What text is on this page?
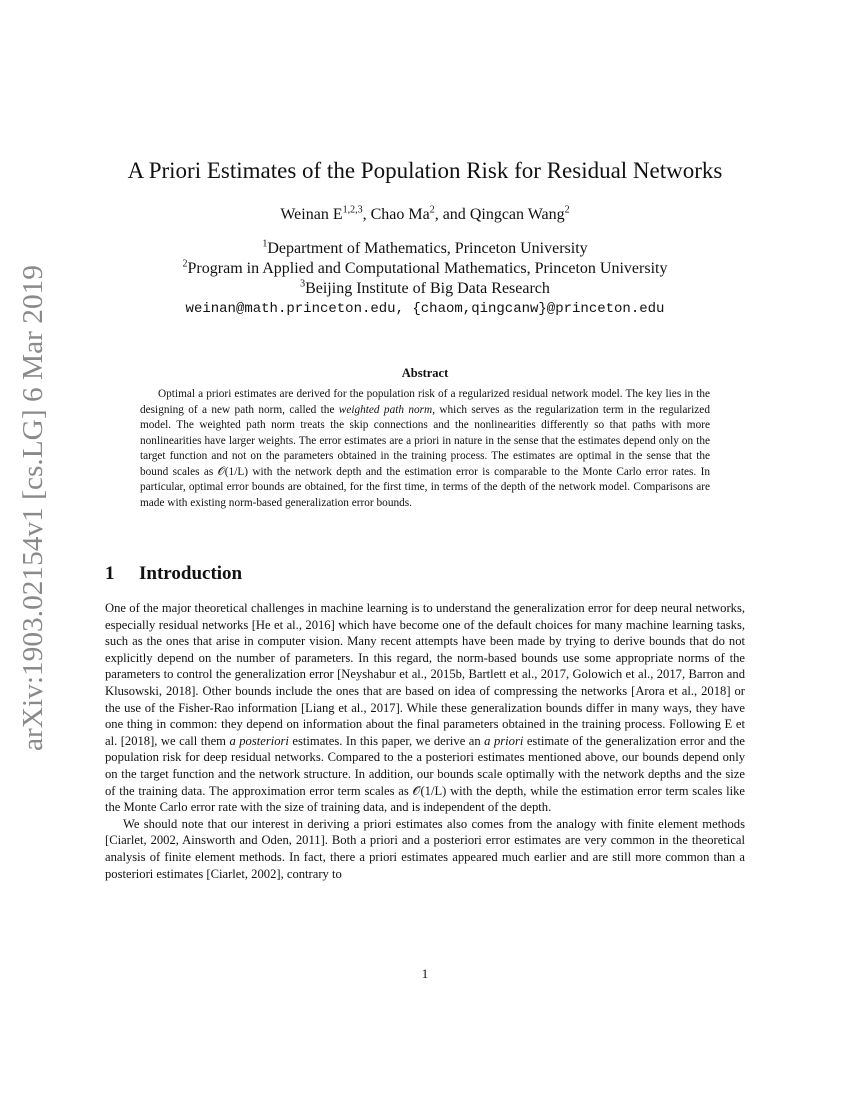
arXiv:1903.02154v1 [cs.LG] 6 Mar 2019
A Priori Estimates of the Population Risk for Residual Networks
Weinan E$^{1,2,3}$, Chao Ma$^2$, and Qingcan Wang$^2$
$^1$Department of Mathematics, Princeton University
$^2$Program in Applied and Computational Mathematics, Princeton University
$^3$Beijing Institute of Big Data Research
weinan@math.princeton.edu, {chaom,qingcanw}@princeton.edu
Abstract
Optimal a priori estimates are derived for the population risk of a regularized residual network model. The key lies in the designing of a new path norm, called the weighted path norm, which serves as the regularization term in the regularized model. The weighted path norm treats the skip connections and the nonlinearities differently so that paths with more nonlinearities have larger weights. The error estimates are a priori in nature in the sense that the estimates depend only on the target function and not on the parameters obtained in the training process. The estimates are optimal in the sense that the bound scales as 𝒪(1/L) with the network depth and the estimation error is comparable to the Monte Carlo error rates. In particular, optimal error bounds are obtained, for the first time, in terms of the depth of the network model. Comparisons are made with existing norm-based generalization error bounds.
1 Introduction

One of the major theoretical challenges in machine learning is to understand the generalization error for deep neural networks, especially residual networks [He et al., 2016] which have become one of the default choices for many machine learning tasks, such as the ones that arise in computer vision. Many recent attempts have been made by trying to derive bounds that do not explicitly depend on the number of parameters. In this regard, the norm-based bounds use some appropriate norms of the parameters to control the generalization error [Neyshabur et al., 2015b, Bartlett et al., 2017, Golowich et al., 2017, Barron and Klusowski, 2018]. Other bounds include the ones that are based on idea of compressing the networks [Arora et al., 2018] or the use of the Fisher-Rao information [Liang et al., 2017]. While these generalization bounds differ in many ways, they have one thing in common: they depend on information about the final parameters obtained in the training process. Following E et al. [2018], we call them a posteriori estimates. In this paper, we derive an a priori estimate of the generalization error and the population risk for deep residual networks. Compared to the a posteriori estimates mentioned above, our bounds depend only on the target function and the network structure. In addition, our bounds scale optimally with the network depths and the size of the training data. The approximation error term scales as 𝒪(1/L) with the depth, while the estimation error term scales like the Monte Carlo error rate with the size of training data, and is independent of the depth.

We should note that our interest in deriving a priori estimates also comes from the analogy with finite element methods [Ciarlet, 2002, Ainsworth and Oden, 2011]. Both a priori and a posteriori error estimates are very common in the theoretical analysis of finite element methods. In fact, there a priori estimates appeared much earlier and are still more common than a posteriori estimates [Ciarlet, 2002], contrary to

1
